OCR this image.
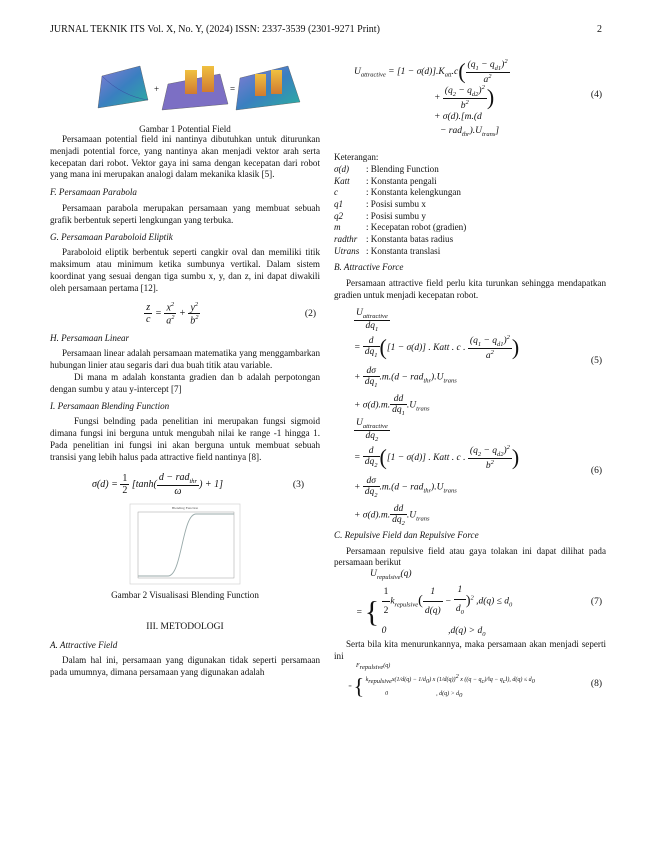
JURNAL TEKNIK ITS Vol. X, No. Y, (2024) ISSN: 2337-3539 (2301-9271 Print)	2
+	=
Gambar 1 Potential Field

Persamaan potential field ini nantinya dibutuhkan untuk diturunkan menjadi potential force, yang nantinya akan menjadi vektor arah serta kecepatan dari robot. Vektor gaya ini sama dengan kecepatan dari robot yang mana ini merupakan analogi dalam mekanika klasik [5].

F. Persamaan Parabola

Persamaan parabola merupakan persamaan yang membuat sebuah grafik berbentuk seperti lengkungan yang terbuka.

G. Persamaan Paraboloid Eliptik

Paraboloid eliptik berbentuk seperti cangkir oval dan memiliki titik maksimum atau minimum ketika sumbunya vertikal. Dalam sistem koordinat yang sesuai dengan tiga sumbu x, y, dan z, ini dapat diwakili oleh persamaan pertama [12].

$\frac{z}{c} = \frac{x^2}{a^2} + \frac{y^2}{b^2}$	(2)

H. Persamaan Linear

Persamaan linear adalah persamaan matematika yang menggambarkan hubungan linier atau segaris dari dua buah titik atau variable.

Di mana m adalah konstanta gradien dan b adalah perpotongan dengan sumbu y atau y-intercept [7]

I. Persamaan Blending Function

Fungsi belnding pada penelitian ini merupakan fungsi sigmoid dimana fungsi ini berguna untuk mengubah nilai ke range -1 hingga 1. Pada penelitian ini fungsi ini akan berguna untuk membuat sebuah transisi yang lebih halus pada attractive field nantinya [8].

$\sigma(d) = \frac{1}{2} [\tanh( \frac{d - rad_{thr}}{\omega}$ ) + 1]	(3)
Blending Function
Gambar 2 Visualisasi Blending Function
III. METODOLOGI

A. Attractive Field

Dalam hal ini, persamaan yang digunakan tidak seperti persamaan pada umumnya, dimana persamaan yang digunakan adalah

$U_{attractive} = [1 - \sigma(d)].K_{att}.c( \frac{(q_1 - q_{d1})^2}{a^2}$
+ $\frac{(q_2 - q_{d2})^2}{b^2}$ )
+ σ(d).[m.(d
− $rad_{thr}).U_{trans}$]
(4)

Keterangan:

σ(d)	: Blending Function
Katt	: Konstanta pengali
c	: Konstanta kelengkungan
q1	: Posisi sumbu x
q2	: Posisi sumbu y
m	: Kecepatan robot (gradien)
radthr : Konstanta batas radius
Utrans : Konstanta translasi

B. Attractive Force

Persamaan attractive field perlu kita turunkan sehingga mendapatkan gradien untuk menjadi kecepatan robot.

$\frac{U_{attractive}}{dq_1}$
= $\frac{d}{dq_1} ([1 - \sigma(d)]$ . Katt . c . $\frac{(q_1 - q_{d1})^2}{a^2}$ )
+ $\frac{d\sigma}{dq_1} .m.(d - rad_{thr}).U_{trans}$
+ σ(d).m. $\frac{dd}{dq_1} .U_{trans}$
(5)
$\frac{U_{attractive}}{dq_2}$
= $\frac{d}{dq_2} ([1 - \sigma(d)]$ . Katt . c . $\frac{(q_2 - q_{d2})^2}{b^2}$ )
+ $\frac{d\sigma}{dq_2} .m.(d - rad_{thr}).U_{trans}$
+ σ(d).m. $\frac{dd}{dq_2} .U_{trans}$
(6)

C. Repulsive Field dan Repulsive Force

Persamaan repulsive field atau gaya tolakan ini dapat dilihat pada persamaan berikut

$U_{repulsive}(q)$
= { $\frac{1}{2} k_{repulsive}( \frac{1}{d(q)} - \frac{1}{d_0} )^2$ $,d(q) \le d_0$
0                          $,d(q) > d_0$
(7)

Serta bila kita menurunkannya, maka persamaan akan menjadi seperti ini

$F_{repulsive}(q)$
= { $k_{repulsive}x(1/d(q) - 1/d_0)$ x $(1/d(q))^2$ x ($(q - q_c)/‖q$ − $q_c‖$), $d(q) \le d_0$
0                                , $d(q) > d_0$
(8)
